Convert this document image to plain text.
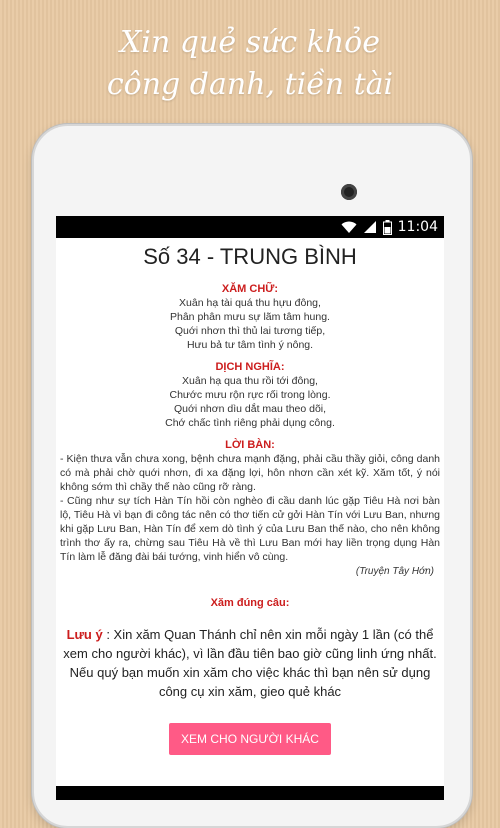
Xin quẻ sức khỏe
công danh, tiền tài
11:04
Số 34 - TRUNG BÌNH
XĂM CHỮ:
Xuân hạ tài quá thu hựu đông,
Phân phân mưu sự lãm tâm hung.
Quới nhơn thì thủ lai tương tiếp,
Hưu bả tư tâm tình ý nông.
DỊCH NGHĨA:
Xuân hạ qua thu rồi tới đông,
Chước mưu rộn rực rối trong lòng.
Quới nhơn dìu dắt mau theo dõi,
Chớ chấc tình riêng phải dụng công.
LỜI BÀN:
- Kiện thưa vẫn chưa xong, bệnh chưa mạnh đặng, phải cầu thầy giỏi, công danh có mà phải chờ quới nhơn, đi xa đặng lợi, hôn nhơn cần xét kỹ. Xăm tốt, ý nói không sớm thì chầy thế nào cũng rỡ ràng.
- Cũng như sự tích Hàn Tín hồi còn nghèo đi cầu danh lúc gặp Tiêu Hà nơi bàn lộ, Tiêu Hà vì bạn đi công tác nên có thơ tiến cử gởi Hàn Tín với Lưu Ban, nhưng khi gặp Lưu Ban, Hàn Tín để xem dò tình ý của Lưu Ban thế nào, cho nên không trình thơ ấy ra, chừng sau Tiêu Hà về thì Lưu Ban mới hay liền trọng dụng Hàn Tín làm lễ đăng đài bái tướng, vinh hiển vô cùng.
(Truyện Tây Hớn)
Xăm đúng câu:
Lưu ý : Xin xăm Quan Thánh chỉ nên xin mỗi ngày 1 lần (có thể xem cho người khác), vì lần đầu tiên bao giờ cũng linh ứng nhất. Nếu quý bạn muốn xin xăm cho việc khác thì bạn nên sử dụng công cụ xin xăm, gieo quẻ khác
XEM CHO NGƯỜI KHÁC
